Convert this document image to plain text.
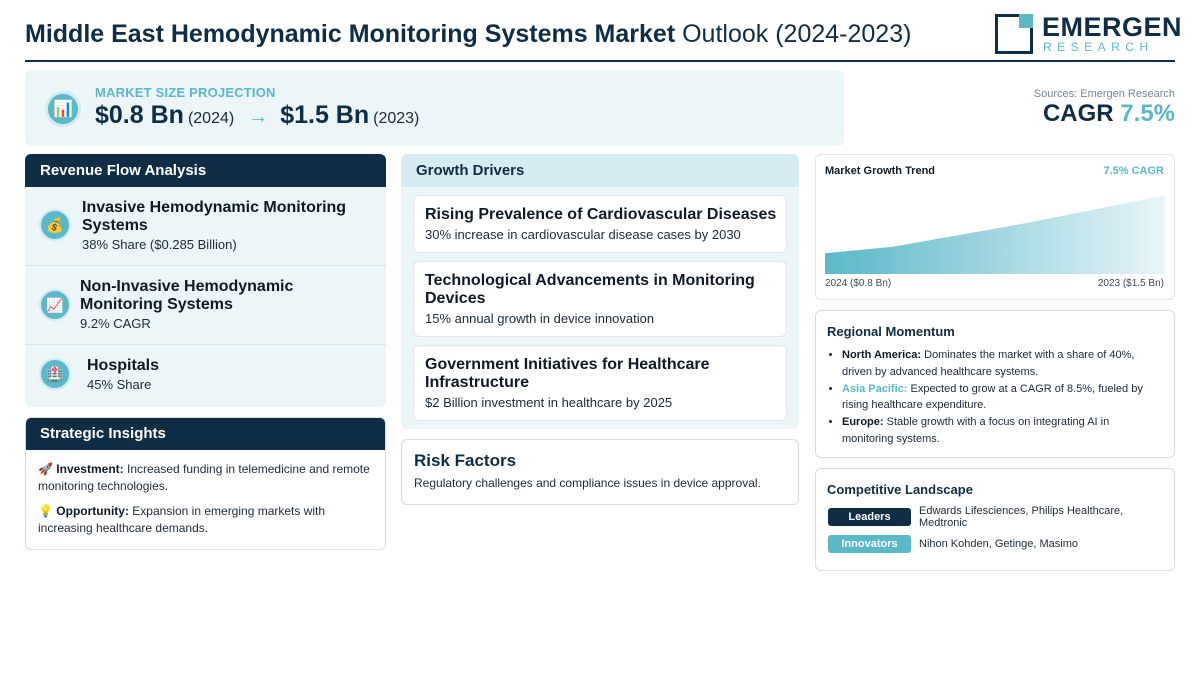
Middle East Hemodynamic Monitoring Systems Market Outlook (2024-2023)	EMERGEN
RESEARCH
📊
MARKET SIZE PROJECTION
$0.8 Bn (2024) → $1.5 Bn (2023)
Sources: Emergen Research
CAGR 7.5%
Revenue Flow Analysis
💰
Invasive Hemodynamic Monitoring Systems
38% Share ($0.285 Billion)
📈
Non-Invasive Hemodynamic Monitoring Systems
9.2% CAGR
🏥	Hospitals
45% Share
Strategic Insights

🚀 Investment: Increased funding in telemedicine and remote monitoring technologies.

💡 Opportunity: Expansion in emerging markets with increasing healthcare demands.

Growth Drivers
Rising Prevalence of Cardiovascular Diseases
30% increase in cardiovascular disease cases by 2030
Technological Advancements in Monitoring Devices
15% annual growth in device innovation
Government Initiatives for Healthcare Infrastructure
$2 Billion investment in healthcare by 2025
Risk Factors
Regulatory challenges and compliance issues in device approval.
Market Growth Trend	7.5% CAGR
2024 ($0.8 Bn)	2023 ($1.5 Bn)
Regional Momentum
• North America: Dominates the market with a share of 40%, driven by advanced healthcare systems.
• Asia Pacific: Expected to grow at a CAGR of 8.5%, fueled by rising healthcare expenditure.
• Europe: Stable growth with a focus on integrating AI in monitoring systems.
Competitive Landscape
Leaders	Edwards Lifesciences, Philips Healthcare, Medtronic
Innovators	Nihon Kohden, Getinge, Masimo
